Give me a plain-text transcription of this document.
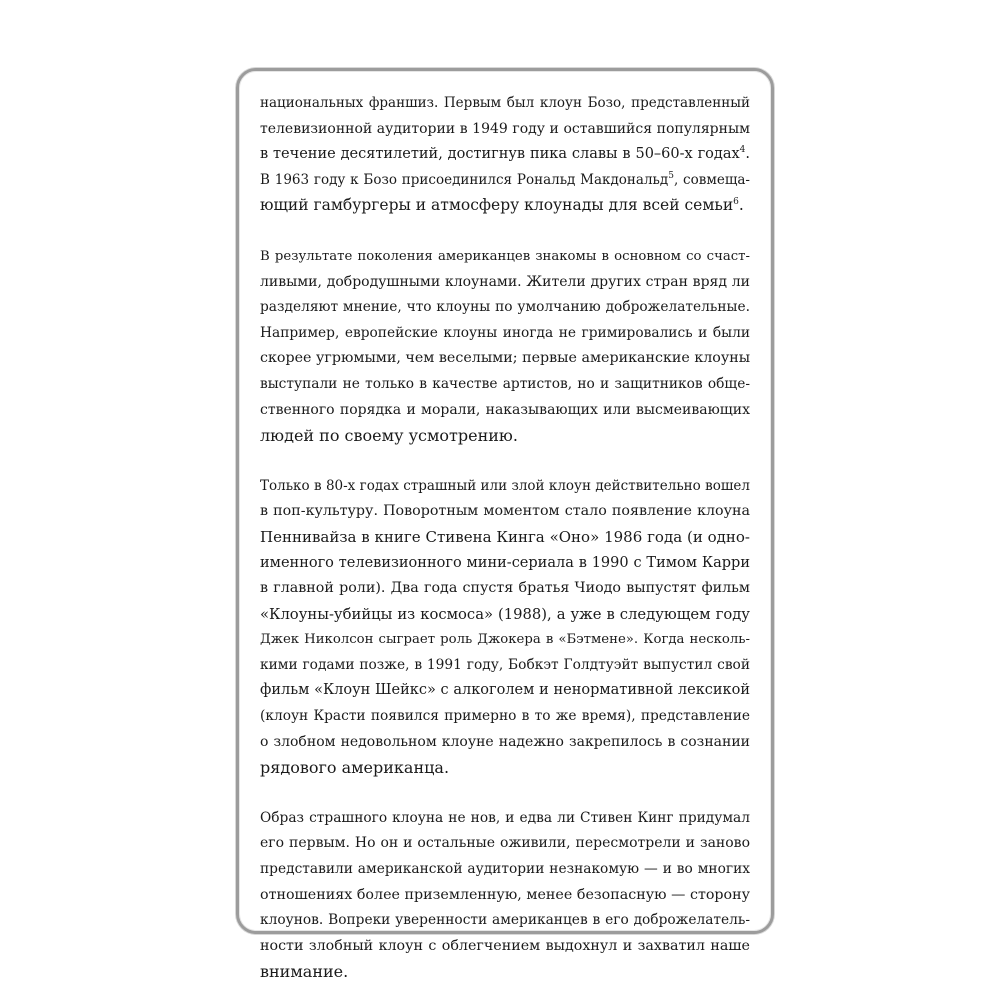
национальных франшиз. Первым был клоун Бозо, представленный
телевизионной аудитории в 1949 году и оставшийся популярным
в течение десятилетий, достигнув пика славы в 50–60-х годах$^4$.
В 1963 году к Бозо присоединился Рональд Макдональд$^5$, совмеща-
ющий гамбургеры и атмосферу клоунады для всей семьи$^6$.

В результате поколения американцев знакомы в основном со счаст-
ливыми, добродушными клоунами. Жители других стран вряд ли
разделяют мнение, что клоуны по умолчанию доброжелательные.
Например, европейские клоуны иногда не гримировались и были
скорее угрюмыми, чем веселыми; первые американские клоуны
выступали не только в качестве артистов, но и защитников обще-
ственного порядка и морали, наказывающих или высмеивающих
людей по своему усмотрению.

Только в 80-х годах страшный или злой клоун действительно вошел
в поп-культуру. Поворотным моментом стало появление клоуна
Пеннивайза в книге Стивена Кинга «Оно» 1986 года (и одно-
именного телевизионного мини-сериала в 1990 с Тимом Карри
в главной роли). Два года спустя братья Чиодо выпустят фильм
«Клоуны-убийцы из космоса» (1988), а уже в следующем году
Джек Николсон сыграет роль Джокера в «Бэтмене». Когда несколь-
кими годами позже, в 1991 году, Бобкэт Голдтуэйт выпустил свой
фильм «Клоун Шейкс» с алкоголем и ненормативной лексикой
(клоун Красти появился примерно в то же время), представление
о злобном недовольном клоуне надежно закрепилось в сознании
рядового американца.

Образ страшного клоуна не нов, и едва ли Стивен Кинг придумал
его первым. Но он и остальные оживили, пересмотрели и заново
представили американской аудитории незнакомую — и во многих
отношениях более приземленную, менее безопасную — сторону
клоунов. Вопреки уверенности американцев в его доброжелатель-
ности злобный клоун с облегчением выдохнул и захватил наше
внимание.
